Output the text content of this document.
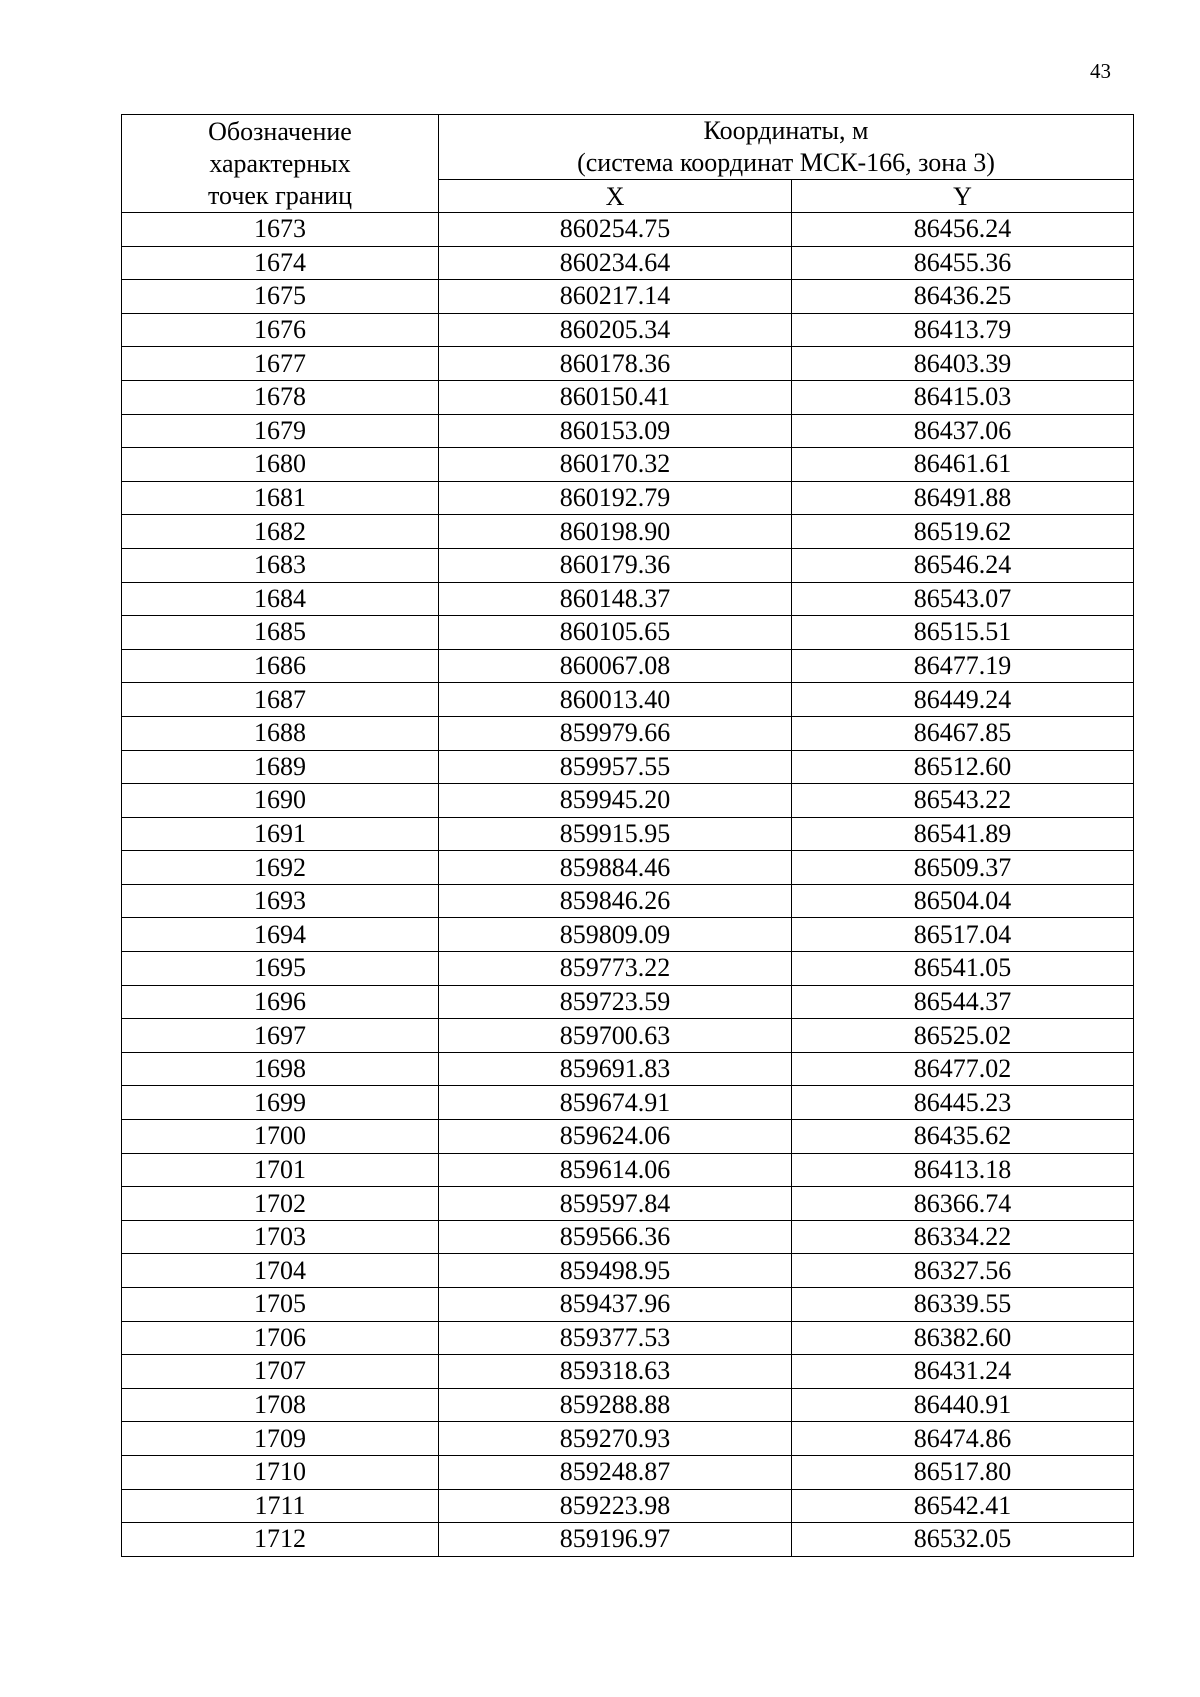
43
Обозначение
характерных
точек границ	Координаты, м
(система координат МСК-166, зона 3)	

	X	Y
1673	860254.75	86456.24
1674	860234.64	86455.36
1675	860217.14	86436.25
1676	860205.34	86413.79
1677	860178.36	86403.39
1678	860150.41	86415.03
1679	860153.09	86437.06
1680	860170.32	86461.61
1681	860192.79	86491.88
1682	860198.90	86519.62
1683	860179.36	86546.24
1684	860148.37	86543.07
1685	860105.65	86515.51
1686	860067.08	86477.19
1687	860013.40	86449.24
1688	859979.66	86467.85
1689	859957.55	86512.60
1690	859945.20	86543.22
1691	859915.95	86541.89
1692	859884.46	86509.37
1693	859846.26	86504.04
1694	859809.09	86517.04
1695	859773.22	86541.05
1696	859723.59	86544.37
1697	859700.63	86525.02
1698	859691.83	86477.02
1699	859674.91	86445.23
1700	859624.06	86435.62
1701	859614.06	86413.18
1702	859597.84	86366.74
1703	859566.36	86334.22
1704	859498.95	86327.56
1705	859437.96	86339.55
1706	859377.53	86382.60
1707	859318.63	86431.24
1708	859288.88	86440.91
1709	859270.93	86474.86
1710	859248.87	86517.80
1711	859223.98	86542.41
1712	859196.97	86532.05
